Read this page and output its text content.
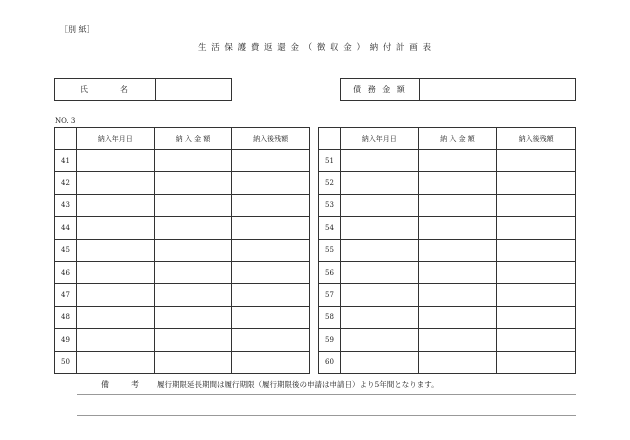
［別 紙］
生 活 保 護 費 返 還 金 （ 徴 収 金 ） 納 付 計 画 表
氏　　　名	債 務 金 額
NO. 3
	納入年月日	納 入 金 額	納入後残額
41			
42			
43			
44			
45			
46			
47			
48			
49			
50			
	納入年月日	納 入 金 額	納入後残額
51			
52			
53			
54			
55			
56			
57			
58			
59			
60			
備　　考 履行期限延長期間は履行期限（履行期限後の申請は申請日）より5年間となります。
